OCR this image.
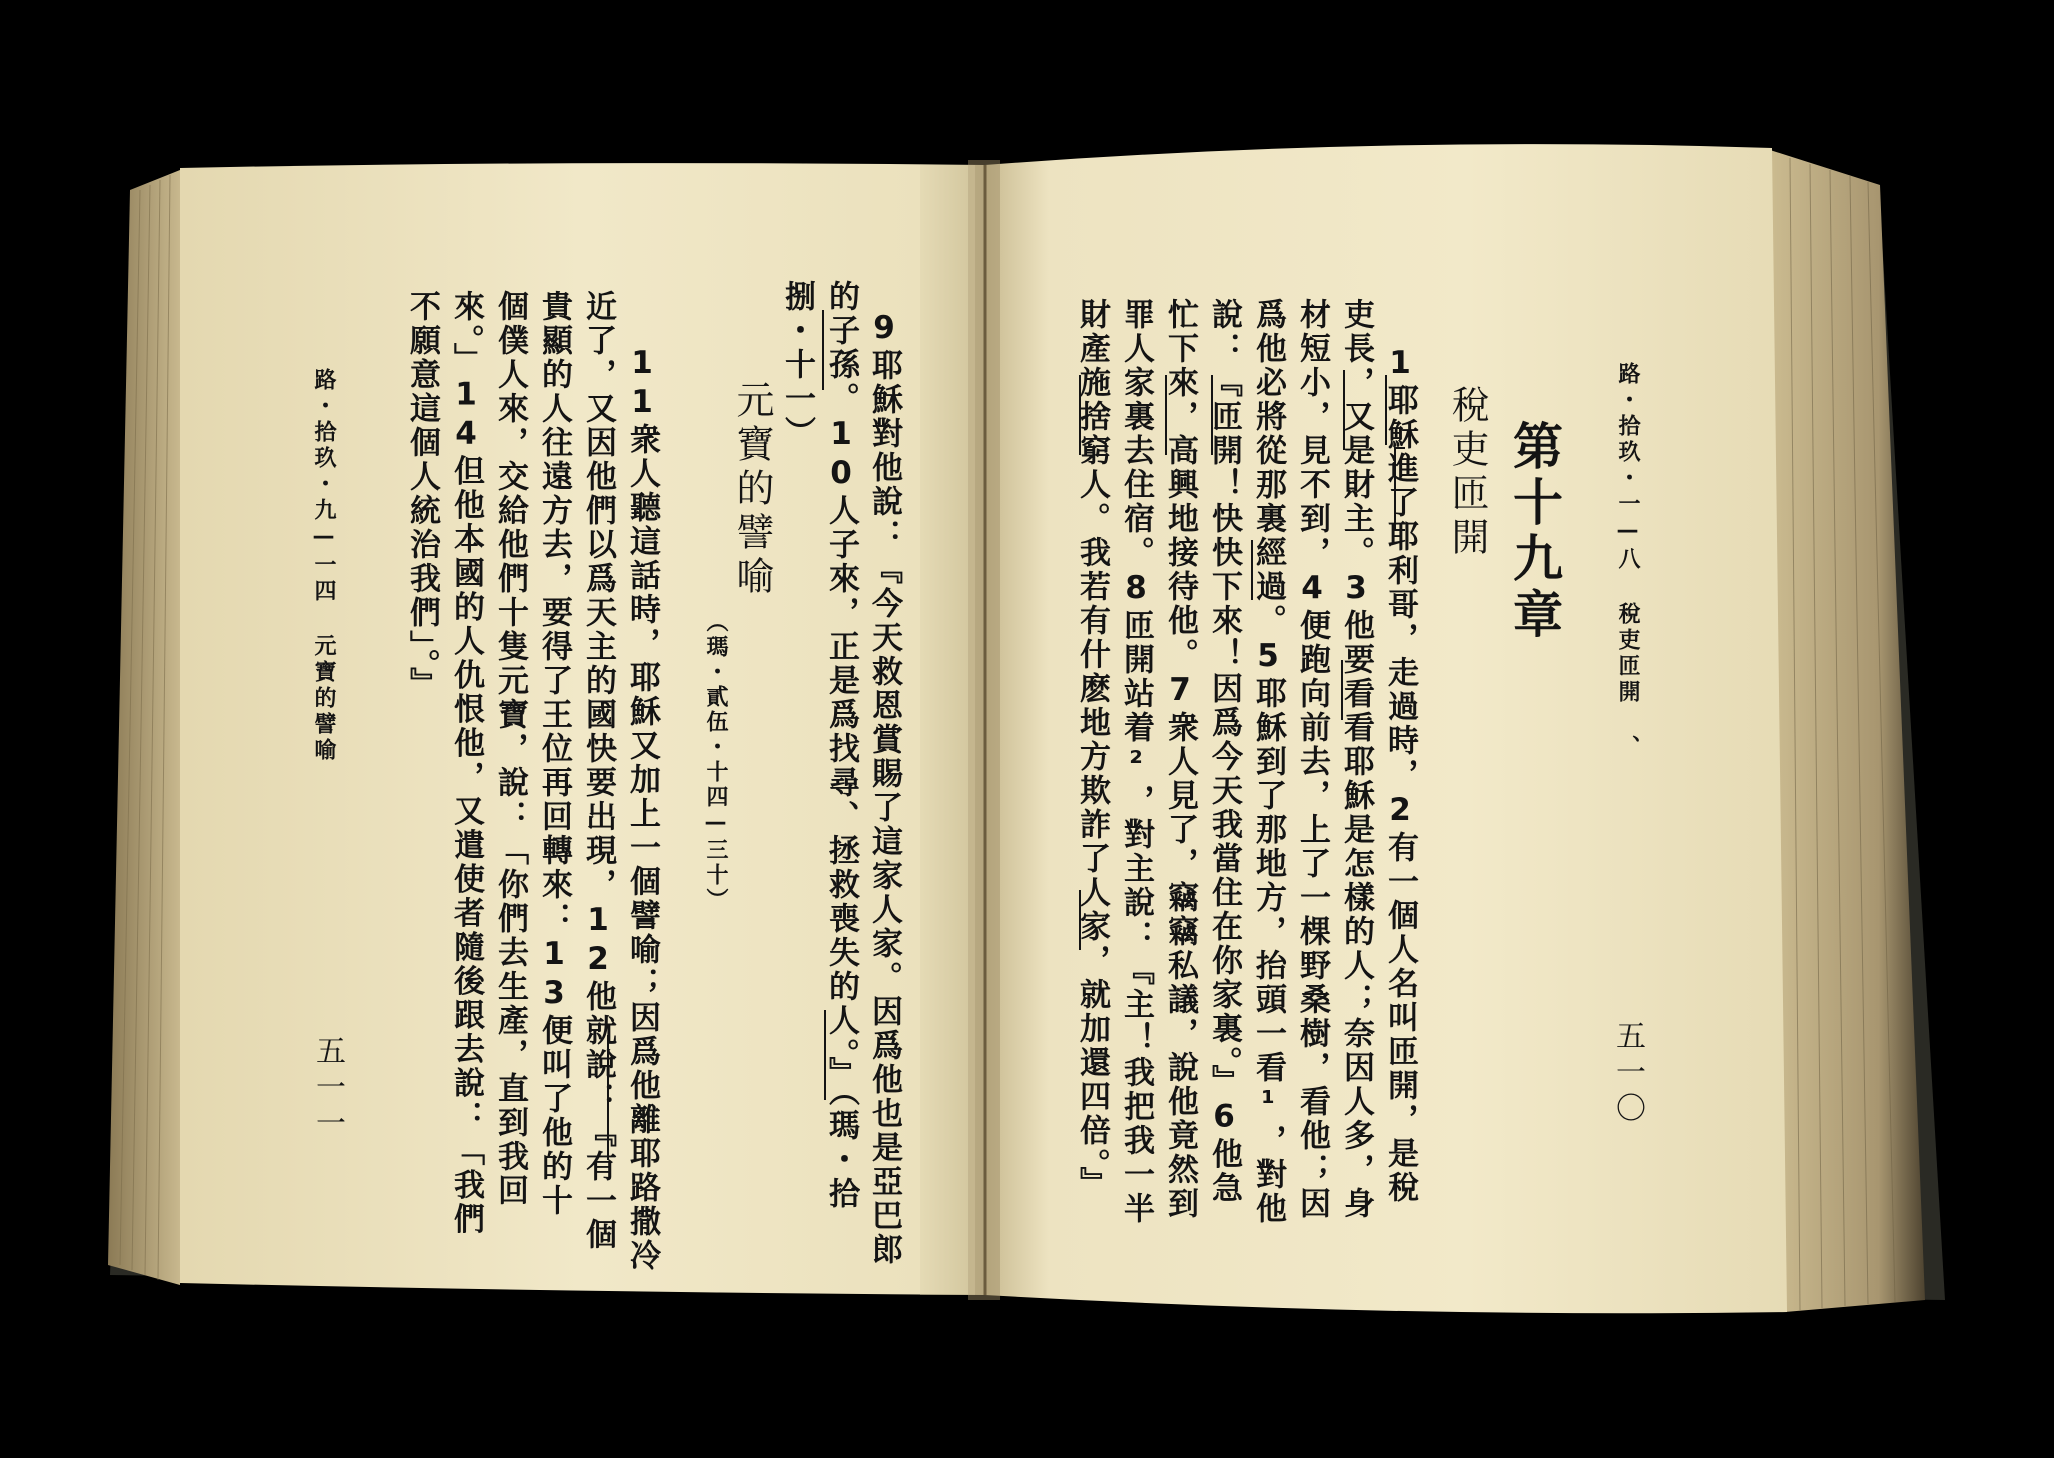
路・拾玖・一—八 稅吏匝開 、
五一〇
第十九章
稅吏匝開
1耶穌進了耶利哥，走過時，2有一個人名叫匝開，是稅
吏長，又是財主。3他要看看耶穌是怎樣的人；奈因人多，身
材短小，見不到，4便跑向前去，上了一棵野桑樹，看他；因
爲他必將從那裏經過。5耶穌到了那地方，抬頭一看¹，對他
說：『匝開！快快下來！因爲今天我當住在你家裏。』6他急
忙下來，高興地接待他。7衆人見了，竊竊私議，說他竟然到
罪人家裏去住宿。8匝開站着²，對主說：『主！我把我一半
財產施捨窮人。我若有什麽地方欺詐了人家，就加還四倍。』
9耶穌對他說：『今天救恩賞賜了這家人家。因爲他也是亞巴郎
的子孫。10人子來，正是爲找尋、拯救喪失的人。』（瑪・拾
捌・十一）
元寶的譬喻
（瑪・貳伍・十四—三十）
11衆人聽這話時，耶穌又加上一個譬喻；因爲他離耶路撒冷
近了，又因他們以爲天主的國快要出現，12他就說：『有一個
貴顯的人往遠方去，要得了王位再回轉來：13便叫了他的十
個僕人來，交給他們十隻元寶，說：「你們去生產，直到我回
來。」14但他本國的人仇恨他，又遣使者隨後跟去說：「我們
不願意這個人統治我們」。』
路・拾玖・九—一四 元寶的譬喻
五一一
